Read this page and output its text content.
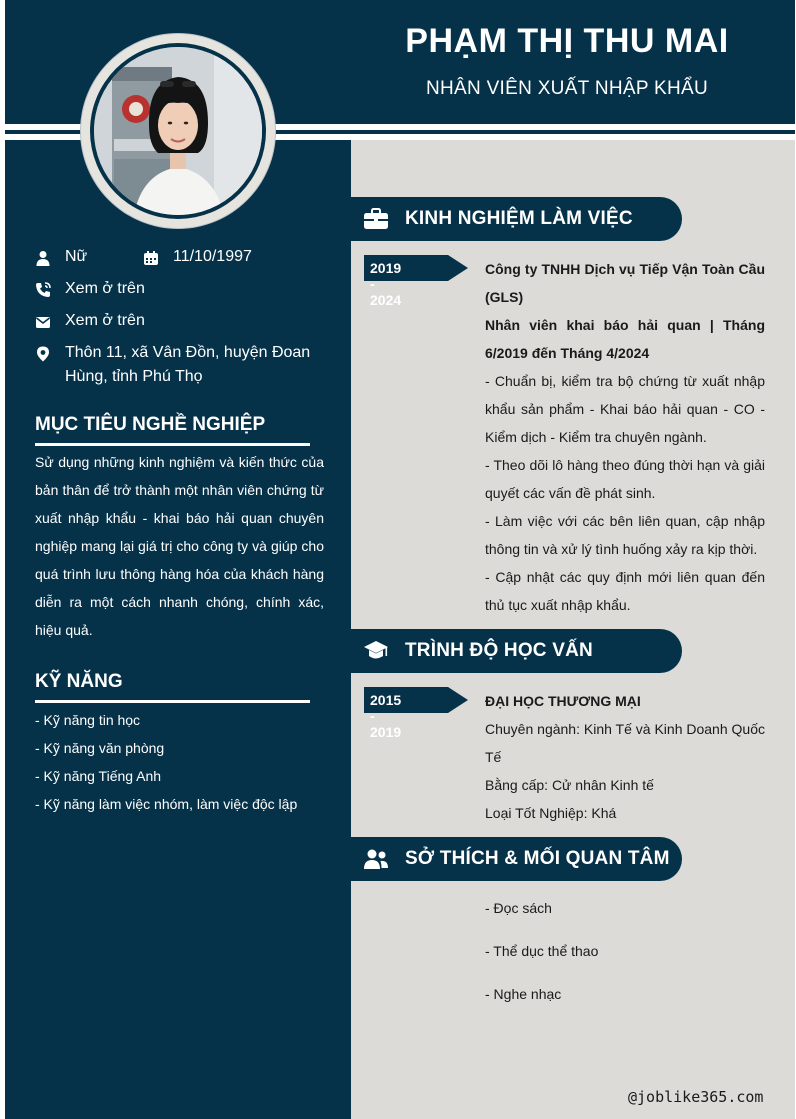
PHẠM THỊ THU MAI
NHÂN VIÊN XUẤT NHẬP KHẨU
Nữ	11/10/1997
Xem ở trên
Xem ở trên
Thôn 11, xã Vân Đồn, huyện Đoan Hùng, tỉnh Phú Thọ
MỤC TIÊU NGHỀ NGHIỆP
Sử dụng những kinh nghiệm và kiến thức của bản thân để trở thành một nhân viên chứng từ xuất nhập khẩu - khai báo hải quan chuyên nghiệp mang lại giá trị cho công ty và giúp cho quá trình lưu thông hàng hóa của khách hàng diễn ra một cách nhanh chóng, chính xác, hiệu quả.
KỸ NĂNG
- Kỹ năng tin học
- Kỹ năng văn phòng
- Kỹ năng Tiếng Anh
- Kỹ năng làm việc nhóm, làm việc độc lập
KINH NGHIỆM LÀM VIỆC
2019 - 2024
Công ty TNHH Dịch vụ Tiếp Vận Toàn Cầu (GLS)
Nhân viên khai báo hải quan | Tháng 6/2019 đến Tháng 4/2024
- Chuẩn bị, kiểm tra bộ chứng từ xuất nhập khẩu sản phẩm - Khai báo hải quan - CO - Kiểm dịch - Kiểm tra chuyên ngành.
- Theo dõi lô hàng theo đúng thời hạn và giải quyết các vấn đề phát sinh.
- Làm việc với các bên liên quan, cập nhập thông tin và xử lý tình huống xảy ra kịp thời.
- Cập nhật các quy định mới liên quan đến thủ tục xuất nhập khẩu.
TRÌNH ĐỘ HỌC VẤN
2015 - 2019
ĐẠI HỌC THƯƠNG MẠI
Chuyên ngành: Kinh Tế và Kinh Doanh Quốc Tế
Bằng cấp: Cử nhân Kinh tế
Loại Tốt Nghiệp: Khá
SỞ THÍCH & MỐI QUAN TÂM
- Đọc sách
- Thể dục thể thao
- Nghe nhạc
@joblike365.com
